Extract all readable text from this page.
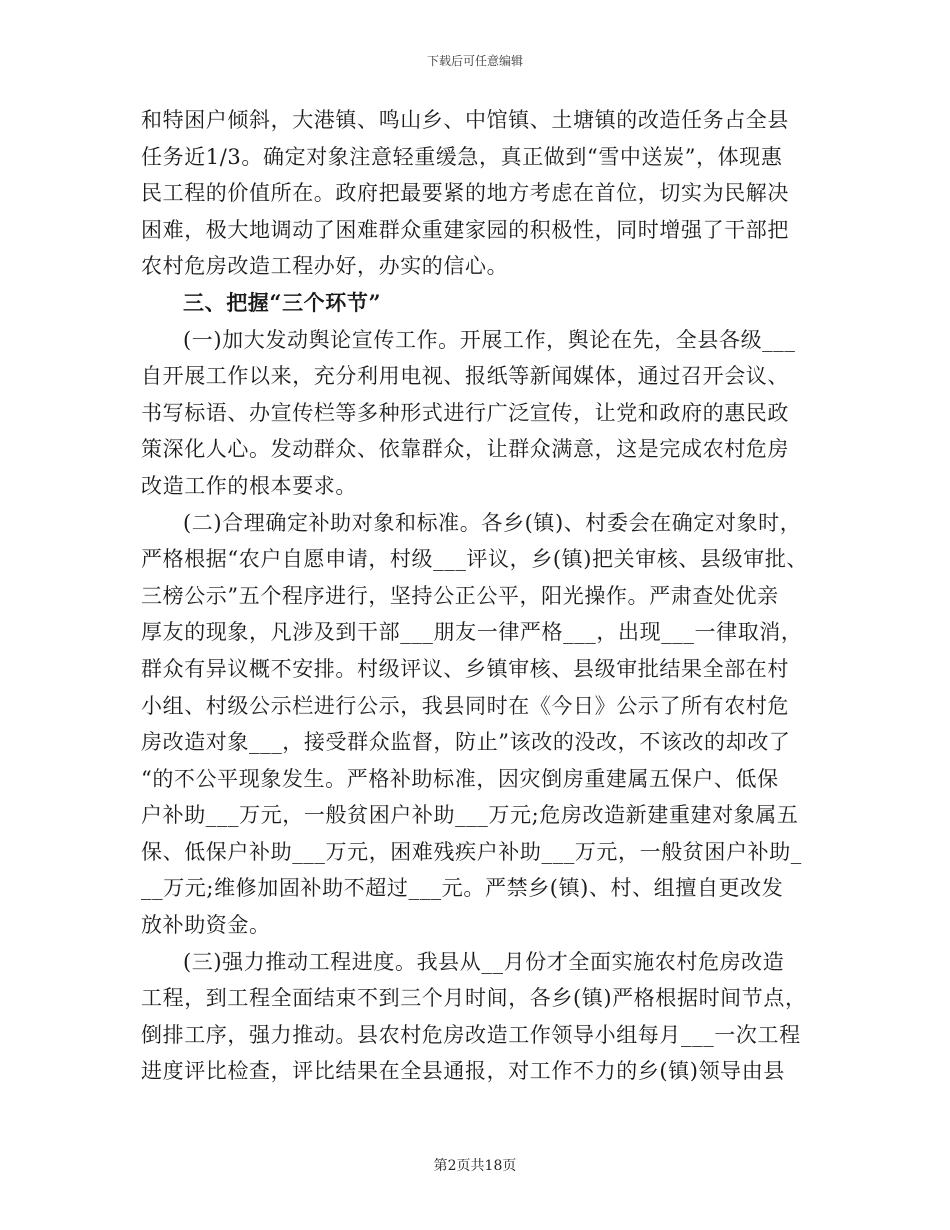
下载后可任意编辑
和特困户倾斜，大港镇、鸣山乡、中馆镇、土塘镇的改造任务占全县
任务近1/3。确定对象注意轻重缓急，真正做到“雪中送炭”，体现惠
民工程的价值所在。政府把最要紧的地方考虑在首位，切实为民解决
困难，极大地调动了困难群众重建家园的积极性，同时增强了干部把
农村危房改造工程办好，办实的信心。
三、把握“三个环节”
(一)加大发动舆论宣传工作。开展工作，舆论在先，全县各级___
自开展工作以来，充分利用电视、报纸等新闻媒体，通过召开会议、
书写标语、办宣传栏等多种形式进行广泛宣传，让党和政府的惠民政
策深化人心。发动群众、依靠群众，让群众满意，这是完成农村危房
改造工作的根本要求。
(二)合理确定补助对象和标准。各乡(镇)、村委会在确定对象时，
严格根据“农户自愿申请，村级___评议，乡(镇)把关审核、县级审批、
三榜公示”五个程序进行，坚持公正公平，阳光操作。严肃查处优亲
厚友的现象，凡涉及到干部___朋友一律严格___，出现___一律取消，
群众有异议概不安排。村级评议、乡镇审核、县级审批结果全部在村
小组、村级公示栏进行公示，我县同时在《今日》公示了所有农村危
房改造对象___，接受群众监督，防止”该改的没改，不该改的却改了
“的不公平现象发生。严格补助标准，因灾倒房重建属五保户、低保
户补助___万元，一般贫困户补助___万元;危房改造新建重建对象属五
保、低保户补助___万元，困难残疾户补助___万元，一般贫困户补助_
__万元;维修加固补助不超过___元。严禁乡(镇)、村、组擅自更改发
放补助资金。
(三)强力推动工程进度。我县从__月份才全面实施农村危房改造
工程，到工程全面结束不到三个月时间，各乡(镇)严格根据时间节点，
倒排工序，强力推动。县农村危房改造工作领导小组每月___一次工程
进度评比检查，评比结果在全县通报，对工作不力的乡(镇)领导由县
第2页共18页
